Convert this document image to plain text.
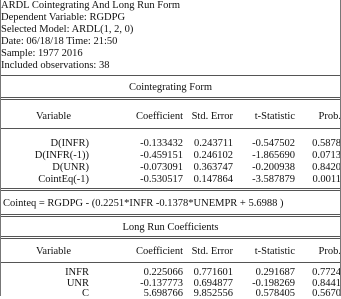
ARDL Cointegrating And Long Run Form
Dependent Variable: RGDPG
Selected Model: ARDL(1, 2, 0)
Date: 06/18/18 Time: 21:50
Sample: 1977 2016
Included observations: 38
Cointegrating Form
Variable	Coefficient Std. Error t-Statistic Prob.
D(INFR)	-0.133432 0.243711 -0.547502 0.5878
D(INFR(-1))	-0.459151 0.246102 -1.865690 0.0713
D(UNR)	-0.073091 0.363747 -0.200938 0.8420
CointEq(-1)	-0.530517 0.147864 -3.587879 0.0011
Cointeq = RGDPG - (0.2251*INFR -0.1378*UNEMPR + 5.6988 )
Long Run Coefficients
Variable	Coefficient Std. Error t-Statistic Prob.
INFR	0.225066 0.771601 0.291687 0.7724
UNR	-0.137773 0.694877 -0.198269 0.8441
C	5.698766 9.852556 0.578405 0.5670
